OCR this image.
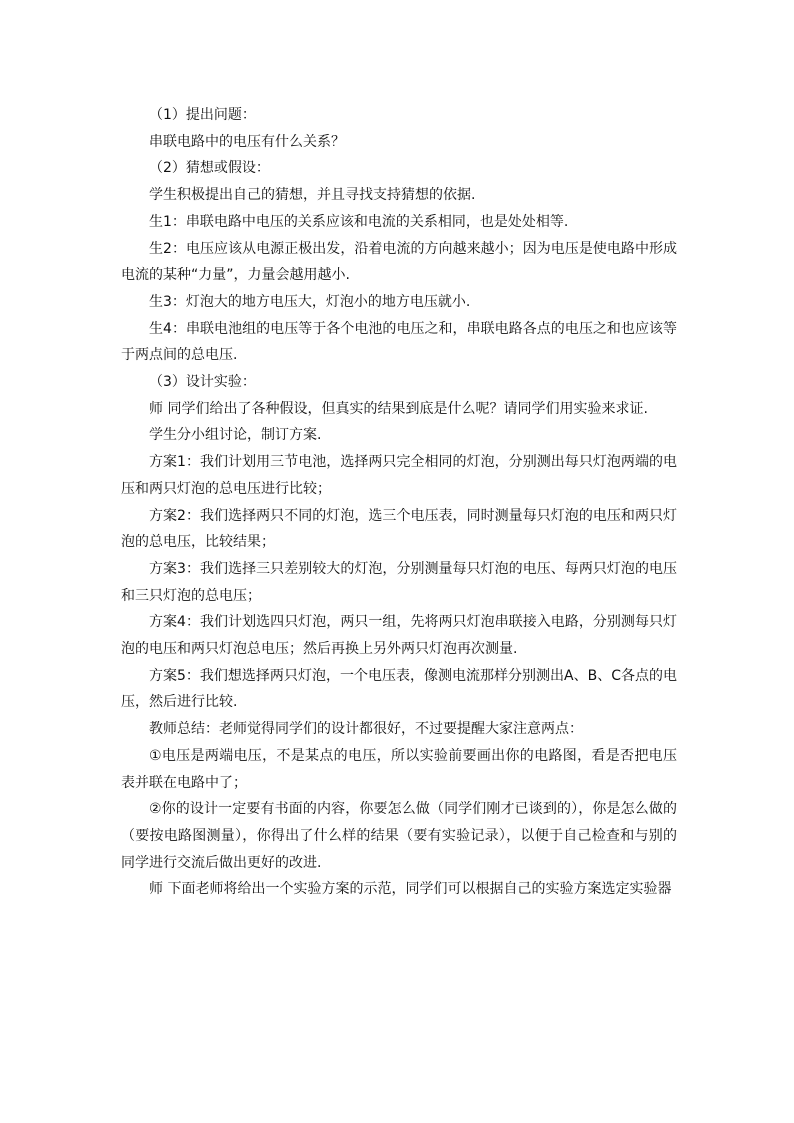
（1）提出问题：

串联电路中的电压有什么关系？

（2）猜想或假设：

学生积极提出自己的猜想，并且寻找支持猜想的依据.

生1：串联电路中电压的关系应该和电流的关系相同，也是处处相等.

生2：电压应该从电源正极出发，沿着电流的方向越来越小；因为电压是使电路中形成电流的某种“力量”，力量会越用越小.

生3：灯泡大的地方电压大，灯泡小的地方电压就小.

生4：串联电池组的电压等于各个电池的电压之和，串联电路各点的电压之和也应该等于两点间的总电压.

（3）设计实验：

师 同学们给出了各种假设，但真实的结果到底是什么呢？请同学们用实验来求证.

学生分小组讨论，制订方案.

方案1：我们计划用三节电池，选择两只完全相同的灯泡，分别测出每只灯泡两端的电压和两只灯泡的总电压进行比较；

方案2：我们选择两只不同的灯泡，选三个电压表，同时测量每只灯泡的电压和两只灯泡的总电压，比较结果；

方案3：我们选择三只差别较大的灯泡，分别测量每只灯泡的电压、每两只灯泡的电压和三只灯泡的总电压；

方案4：我们计划选四只灯泡，两只一组，先将两只灯泡串联接入电路，分别测每只灯泡的电压和两只灯泡总电压；然后再换上另外两只灯泡再次测量.

方案5：我们想选择两只灯泡，一个电压表，像测电流那样分别测出A、B、C各点的电压，然后进行比较.

教师总结：老师觉得同学们的设计都很好，不过要提醒大家注意两点：

①电压是两端电压，不是某点的电压，所以实验前要画出你的电路图，看是否把电压表并联在电路中了；

②你的设计一定要有书面的内容，你要怎么做（同学们刚才已谈到的），你是怎么做的（要按电路图测量），你得出了什么样的结果（要有实验记录），以便于自己检查和与别的同学进行交流后做出更好的改进.

师 下面老师将给出一个实验方案的示范，同学们可以根据自己的实验方案选定实验器
